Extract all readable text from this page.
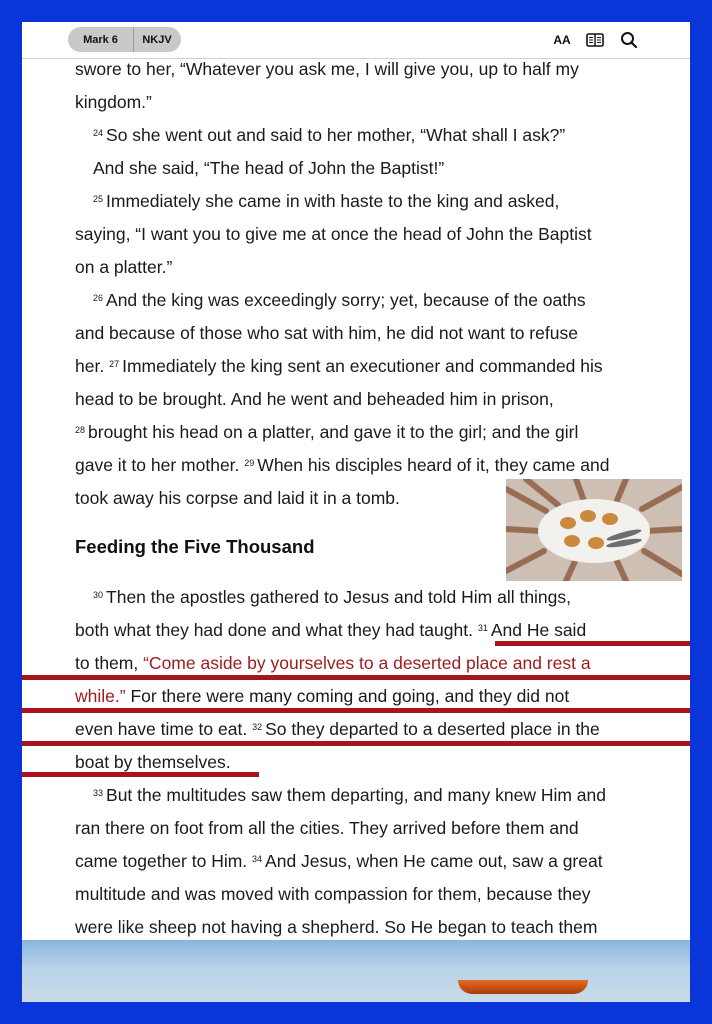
Mark 6	NKJV	AA
swore to her, “Whatever you ask me, I will give you, up to half my
kingdom.”
$^{24}$ So she went out and said to her mother, “What shall I ask?”
And she said, “The head of John the Baptist!”
$^{25}$ Immediately she came in with haste to the king and asked,
saying, “I want you to give me at once the head of John the Baptist
on a platter.”
$^{26}$ And the king was exceedingly sorry; yet, because of the oaths
and because of those who sat with him, he did not want to refuse
her. $^{27}$ Immediately the king sent an executioner and commanded his
head to be brought. And he went and beheaded him in prison,
$^{28}$ brought his head on a platter, and gave it to the girl; and the girl
gave it to her mother. $^{29}$ When his disciples heard of it, they came and
took away his corpse and laid it in a tomb.
Feeding the Five Thousand
$^{30}$ Then the apostles gathered to Jesus and told Him all things,
both what they had done and what they had taught. $^{31}$ And He said
to them, “Come aside by yourselves to a deserted place and rest a
while.” For there were many coming and going, and they did not
even have time to eat. $^{32}$ So they departed to a deserted place in the
boat by themselves.
$^{33}$ But the multitudes saw them departing, and many knew Him and
ran there on foot from all the cities. They arrived before them and
came together to Him. $^{34}$ And Jesus, when He came out, saw a great
multitude and was moved with compassion for them, because they
were like sheep not having a shepherd. So He began to teach them
